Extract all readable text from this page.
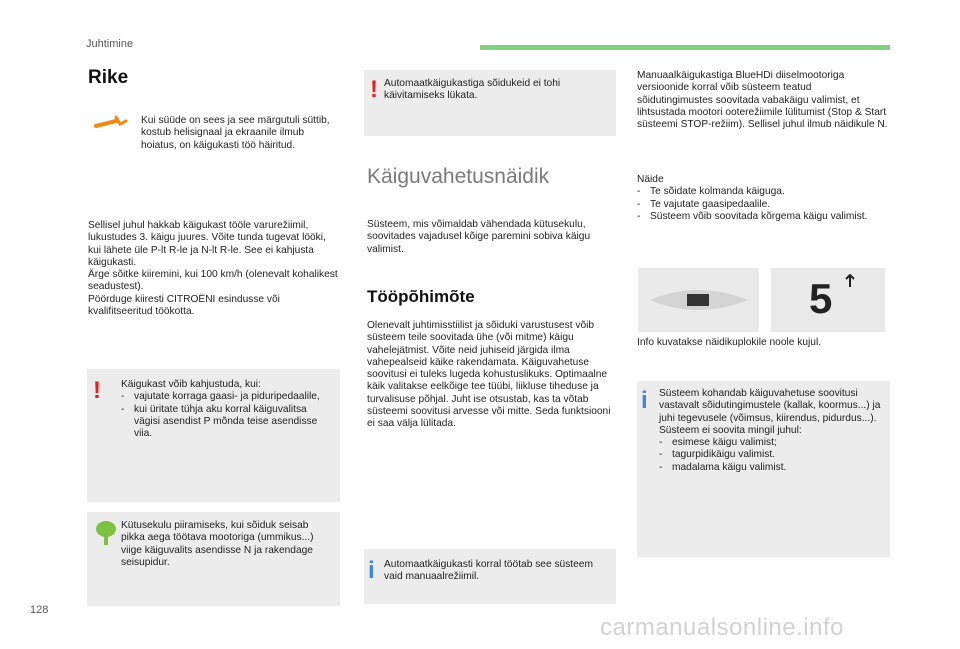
Juhtimine
Rike
Kui süüde on sees ja see märgutuli süttib, kostub helisignaal ja ekraanile ilmub hoiatus, on käigukasti töö häiritud.
Sellisel juhul hakkab käigukast tööle varurežiimil, lukustudes 3. käigu juures. Võite tunda tugevat lööki, kui lähete üle P-lt R-le ja N-lt R-le. See ei kahjusta käigukasti.
Ärge sõitke kiiremini, kui 100 km/h (olenevalt kohalikest seadustest).
Pöörduge kiiresti CITROËNI esindusse või kvalifitseeritud töökotta.
! Käigukast võib kahjustuda, kui:
- vajutate korraga gaasi- ja piduripedaalile,
- kui üritate tühja aku korral käiguvalitsa vägisi asendist P mõnda teise asendisse viia.
Kütusekulu piiramiseks, kui sõiduk seisab pikka aega töötava mootoriga (ummikus...) viige käiguvalits asendisse N ja rakendage seisupidur.
! Automaatkäigukastiga sõidukeid ei tohi käivitamiseks lükata.
Käiguvahetusnäidik
Süsteem, mis võimaldab vähendada kütusekulu, soovitades vajadusel kõige paremini sobiva käigu valimist.
Tööpõhimõte
Olenevalt juhtimisstiilist ja sõiduki varustusest võib süsteem teile soovitada ühe (või mitme) käigu vahelejätmist. Võite neid juhiseid järgida ilma vahepealseid käike rakendamata. Käiguvahetuse soovitusi ei tuleks lugeda kohustuslikuks. Optimaalne käik valitakse eelkõige tee tüübi, liikluse tiheduse ja turvalisuse põhjal. Juht ise otsustab, kas ta võtab süsteemi soovitusi arvesse või mitte. Seda funktsiooni ei saa välja lülitada.
i Automaatkäigukasti korral töötab see süsteem vaid manuaalrežiimil.
Manuaalkäigukastiga BlueHDi diiselmootoriga versioonide korral võib süsteem teatud sõidutingimustes soovitada vabakäigu valimist, et lihtsustada mootori ooterežiimile lülitumist (Stop & Start süsteemi STOP-režiim). Sellisel juhul ilmub näidikule N.
Näide
- Te sõidate kolmanda käiguga.
- Te vajutate gaasipedaalile.
- Süsteem võib soovitada kõrgema käigu valimist.
5
Info kuvatakse näidikuplokile noole kujul.
i Süsteem kohandab käiguvahetuse soovitusi vastavalt sõidutingimustele (kallak, koormus...) ja juhi tegevusele (võimsus, kiirendus, pidurdus...).
Süsteem ei soovita mingil juhul:
- esimese käigu valimist;
- tagurpidikäigu valimist.
- madalama käigu valimist.
128
carmanualsonline.info
